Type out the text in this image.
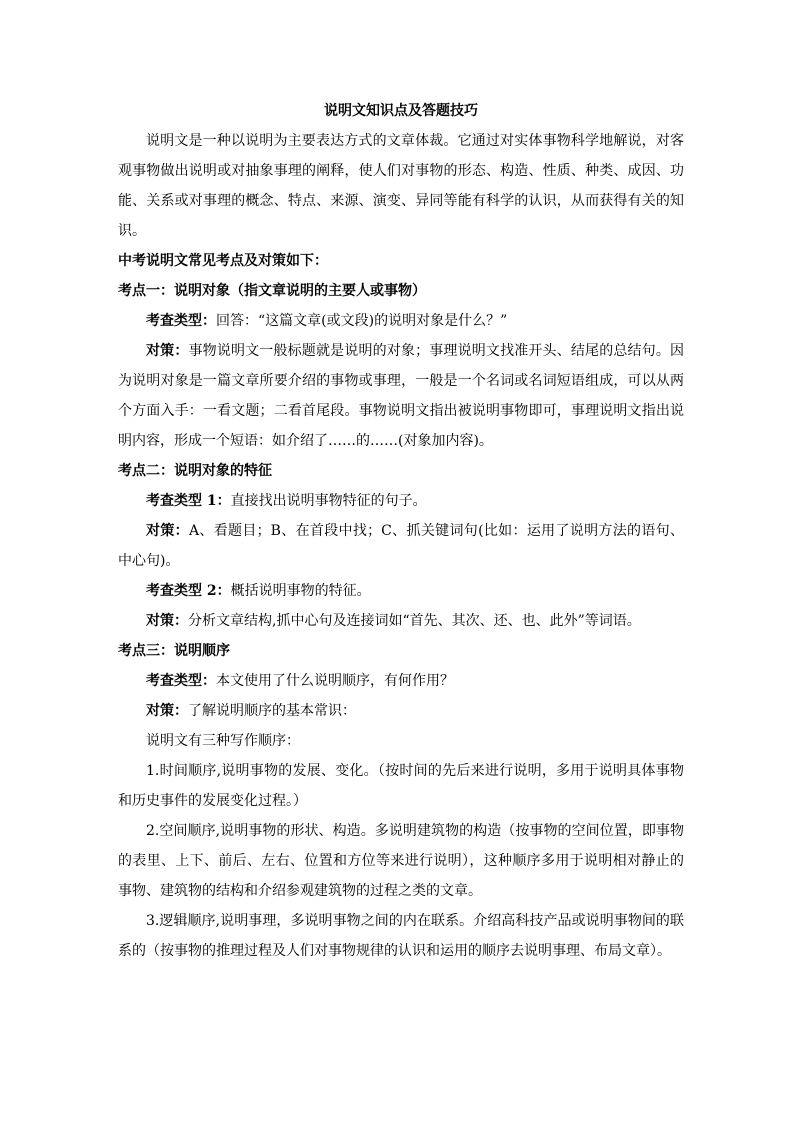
说明文知识点及答题技巧

说明文是一种以说明为主要表达方式的文章体裁。它通过对实体事物科学地解说，对客观事物做出说明或对抽象事理的阐释，使人们对事物的形态、构造、性质、种类、成因、功能、关系或对事理的概念、特点、来源、演变、异同等能有科学的认识，从而获得有关的知识。

中考说明文常见考点及对策如下：

考点一：说明对象（指文章说明的主要人或事物）

考查类型：回答：“这篇文章(或文段)的说明对象是什么？”

对策：事物说明文一般标题就是说明的对象；事理说明文找准开头、结尾的总结句。因为说明对象是一篇文章所要介绍的事物或事理，一般是一个名词或名词短语组成，可以从两个方面入手：一看文题；二看首尾段。事物说明文指出被说明事物即可，事理说明文指出说明内容，形成一个短语：如介绍了……的……(对象加内容)。

考点二：说明对象的特征

考查类型 1：直接找出说明事物特征的句子。

对策：A、看题目；B、在首段中找；C、抓关键词句(比如：运用了说明方法的语句、中心句)。

考查类型 2：概括说明事物的特征。

对策：分析文章结构,抓中心句及连接词如“首先、其次、还、也、此外”等词语。

考点三：说明顺序

考查类型：本文使用了什么说明顺序，有何作用？

对策：了解说明顺序的基本常识：

说明文有三种写作顺序：

1.时间顺序,说明事物的发展、变化。（按时间的先后来进行说明，多用于说明具体事物和历史事件的发展变化过程。）

2.空间顺序,说明事物的形状、构造。多说明建筑物的构造（按事物的空间位置，即事物的表里、上下、前后、左右、位置和方位等来进行说明），这种顺序多用于说明相对静止的事物、建筑物的结构和介绍参观建筑物的过程之类的文章。

3.逻辑顺序,说明事理，多说明事物之间的内在联系。介绍高科技产品或说明事物间的联系的（按事物的推理过程及人们对事物规律的认识和运用的顺序去说明事理、布局文章）。
